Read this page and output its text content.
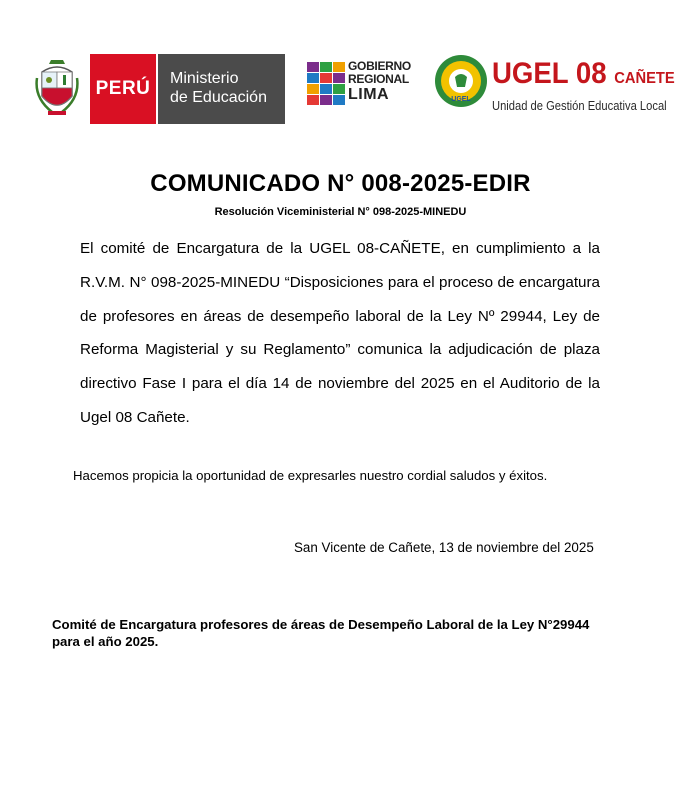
PERÚ Ministerio
de Educación
GOBIERNO
REGIONAL
LIMA	UGEL
UGEL 08 CAÑETE
Unidad de Gestión Educativa Local
COMUNICADO N° 008-2025-EDIR
Resolución Viceministerial N° 098-2025-MINEDU
El comité de Encargatura de la UGEL 08-CAÑETE, en cumplimiento a la R.V.M. N° 098-2025-MINEDU “Disposiciones para el proceso de encargatura de profesores en áreas de desempeño laboral de la Ley Nº 29944, Ley de Reforma Magisterial y su Reglamento” comunica la adjudicación de plaza directivo Fase I para el día 14 de noviembre del 2025 en el Auditorio de la Ugel 08 Cañete.
Hacemos propicia la oportunidad de expresarles nuestro cordial saludos y éxitos.
San Vicente de Cañete, 13 de noviembre del 2025
Comité de Encargatura profesores de áreas de Desempeño Laboral de la Ley N°29944 para el año 2025.
